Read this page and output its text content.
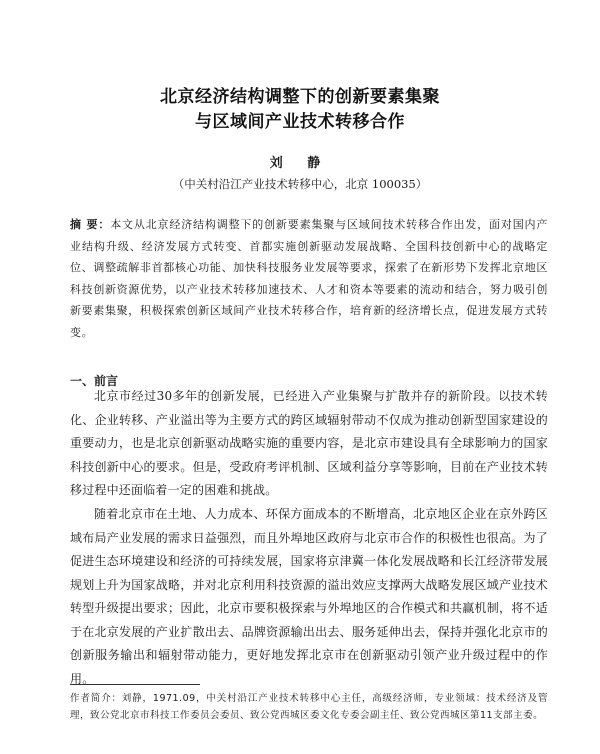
北京经济结构调整下的创新要素集聚
与区域间产业技术转移合作
刘 静
（中关村沿江产业技术转移中心，北京 100035）
摘 要：本文从北京经济结构调整下的创新要素集聚与区域间技术转移合作出发，面对国内产业结构升级、经济发展方式转变、首都实施创新驱动发展战略、全国科技创新中心的战略定位、调整疏解非首都核心功能、加快科技服务业发展等要求，探索了在新形势下发挥北京地区科技创新资源优势，以产业技术转移加速技术、人才和资本等要素的流动和结合，努力吸引创新要素集聚，积极探索创新区域间产业技术转移合作，培育新的经济增长点，促进发展方式转变。
一、前言
北京市经过30多年的创新发展，已经进入产业集聚与扩散并存的新阶段。以技术转化、企业转移、产业溢出等为主要方式的跨区域辐射带动不仅成为推动创新型国家建设的重要动力，也是北京创新驱动战略实施的重要内容，是北京市建设具有全球影响力的国家科技创新中心的要求。但是，受政府考评机制、区域利益分享等影响，目前在产业技术转移过程中还面临着一定的困难和挑战。
随着北京市在土地、人力成本、环保方面成本的不断增高，北京地区企业在京外跨区域布局产业发展的需求日益强烈，而且外埠地区政府与北京市合作的积极性也很高。为了促进生态环境建设和经济的可持续发展，国家将京津冀一体化发展战略和长江经济带发展规划上升为国家战略，并对北京利用科技资源的溢出效应支撑两大战略发展区域产业技术转型升级提出要求；因此，北京市要积极探索与外埠地区的合作模式和共赢机制，将不适于在北京发展的产业扩散出去、品牌资源输出出去、服务延伸出去，保持并强化北京市的创新服务输出和辐射带动能力，更好地发挥北京市在创新驱动引领产业升级过程中的作用。
作者简介：刘静，1971.09，中关村沿江产业技术转移中心主任，高级经济师，专业领域：技术经济及管理，致公党北京市科技工作委员会委员、致公党西城区委文化专委会副主任、致公党西城区第11支部主委。
